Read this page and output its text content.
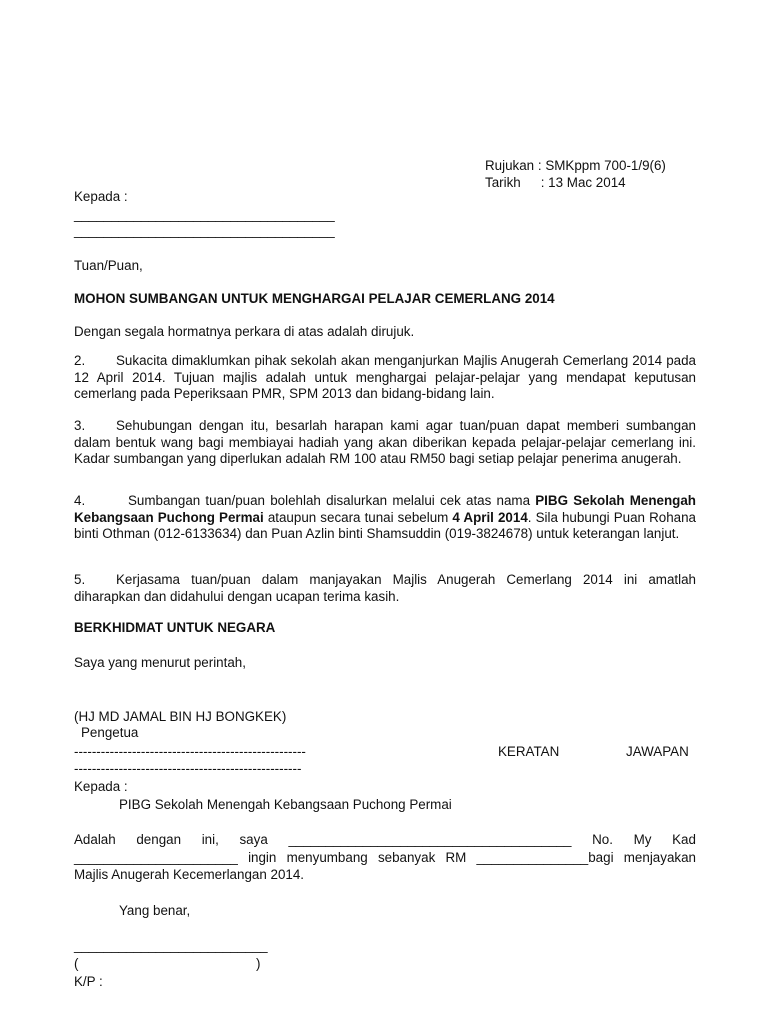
Rujukan : SMKppm 700-1/9(6)
Tarikh : 13 Mac 2014
Kepada :
___________________________________
___________________________________
Tuan/Puan,
MOHON SUMBANGAN UNTUK MENGHARGAI PELAJAR CEMERLANG 2014
Dengan segala hormatnya perkara di atas adalah dirujuk.

2. Sukacita dimaklumkan pihak sekolah akan menganjurkan Majlis Anugerah Cemerlang 2014 pada 12 April 2014. Tujuan majlis adalah untuk menghargai pelajar-pelajar yang mendapat keputusan cemerlang pada Peperiksaan PMR, SPM 2013 dan bidang-bidang lain.

3. Sehubungan dengan itu, besarlah harapan kami agar tuan/puan dapat memberi sumbangan dalam bentuk wang bagi membiayai hadiah yang akan diberikan kepada pelajar-pelajar cemerlang ini. Kadar sumbangan yang diperlukan adalah RM 100 atau RM50 bagi setiap pelajar penerima anugerah.

4.	Sumbangan tuan/puan bolehlah disalurkan melalui cek atas nama PIBG Sekolah Menengah Kebangsaan Puchong Permai ataupun secara tunai sebelum 4 April 2014. Sila hubungi Puan Rohana binti Othman (012-6133634) dan Puan Azlin binti Shamsuddin (019-3824678) untuk keterangan lanjut.

5. Kerjasama tuan/puan dalam manjayakan Majlis Anugerah Cemerlang 2014 ini amatlah diharapkan dan didahului dengan ucapan terima kasih.

BERKHIDMAT UNTUK NEGARA
Saya yang menurut perintah,
(HJ MD JAMAL BIN HJ BONGKEK)
Pengetua
----------------------------------------------------	KERATAN	JAWAPAN
---------------------------------------------------
Kepada :
PIBG Sekolah Menengah Kebangsaan Puchong Permai
Adalah dengan ini, saya ______________________________________ No. My Kad
______________________ ingin menyumbang sebanyak RM _______________bagi menjayakan
Majlis Anugerah Kecemerlangan 2014.
Yang benar,
__________________________
(	)
K/P :
